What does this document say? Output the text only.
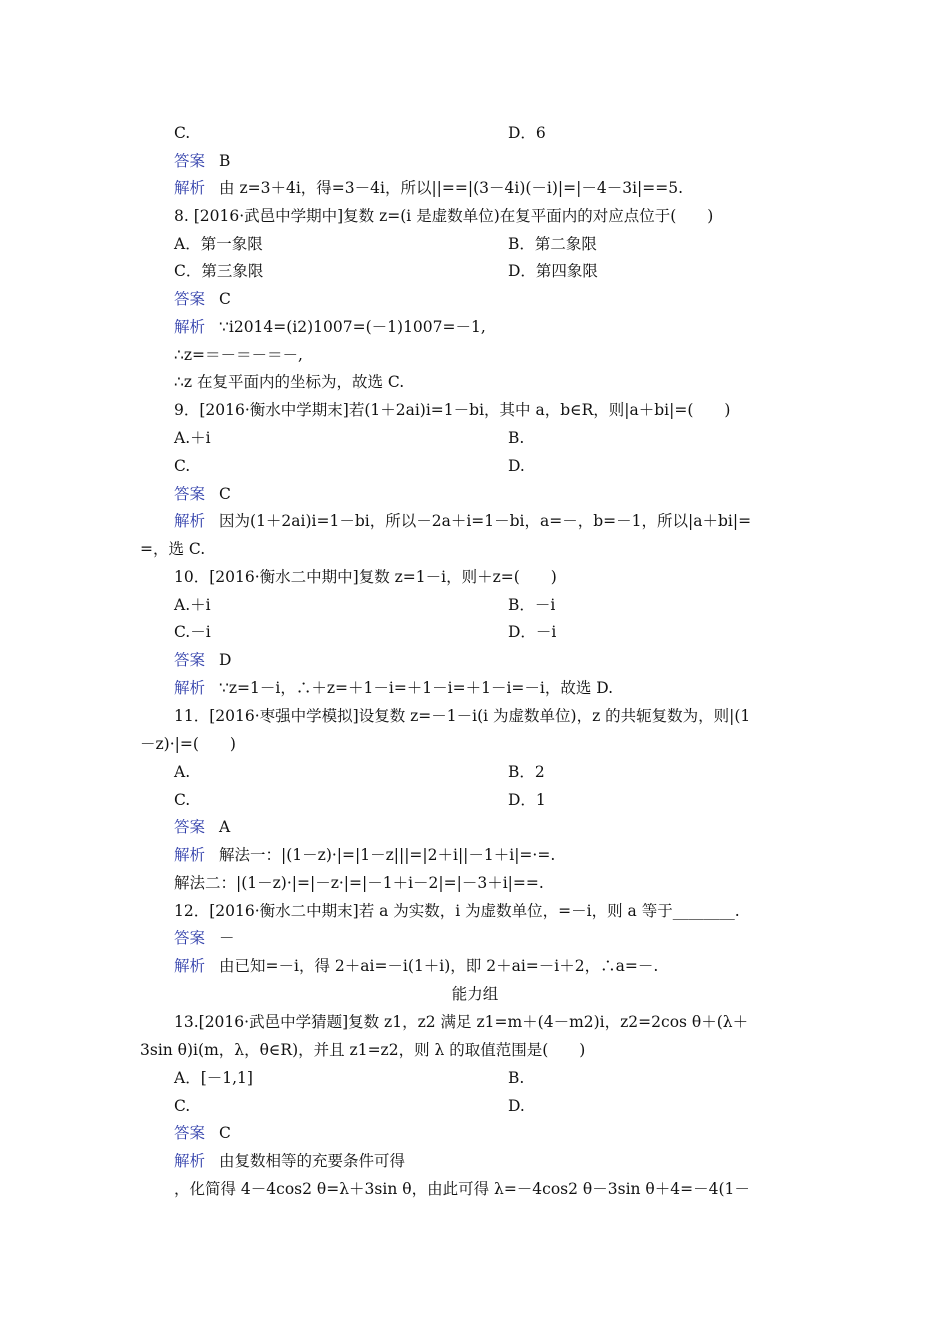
C.	D．6
答案 B
解析 由 z=3＋4i，得=3－4i，所以||==|(3－4i)(－i)|=|－4－3i|==5.
8. [2016·武邑中学期中]复数 z=(i 是虚数单位)在复平面内的对应点位于(　　)
A．第一象限	B．第二象限
C．第三象限	D．第四象限
答案 C
解析 ∵i2014=(i2)1007=(－1)1007=－1,
∴z=＝－＝－＝－,
∴z 在复平面内的坐标为，故选 C.
9．[2016·衡水中学期末]若(1＋2ai)i=1－bi，其中 a，b∈R，则|a＋bi|=(　　)
A.＋i	B.
C.	D.
答案 C
解析 因为(1＋2ai)i=1－bi，所以－2a＋i=1－bi，a=－，b=－1，所以|a＋bi|=
=，选 C.
10．[2016·衡水二中期中]复数 z=1－i，则＋z=(　　)
A.＋i	B．－i
C.－i	D．－i
答案 D
解析 ∵z=1－i，∴＋z=＋1－i=＋1－i=＋1－i=－i，故选 D.
11．[2016·枣强中学模拟]设复数 z=－1－i(i 为虚数单位)，z 的共轭复数为，则|(1
－z)·|=(　　)
A.	B．2
C.	D．1
答案 A
解析 解法一：|(1－z)·|=|1－z|||=|2＋i||－1＋i|=·=.
解法二：|(1－z)·|=|－z·|=|－1＋i－2|=|－3＋i|==.
12．[2016·衡水二中期末]若 a 为实数，i 为虚数单位，=－i，则 a 等于________.
答案 －
解析 由已知=－i，得 2＋ai=－i(1＋i)，即 2＋ai=－i＋2，∴a=－.
能力组
13.[2016·武邑中学猜题]复数 z1，z2 满足 z1=m＋(4－m2)i，z2=2cos θ＋(λ＋
3sin θ)i(m，λ，θ∈R)，并且 z1=z2，则 λ 的取值范围是(　　)
A．[－1,1]	B.
C.	D.
答案 C
解析 由复数相等的充要条件可得
，化简得 4－4cos2 θ=λ＋3sin θ，由此可得 λ=－4cos2 θ－3sin θ＋4=－4(1－
